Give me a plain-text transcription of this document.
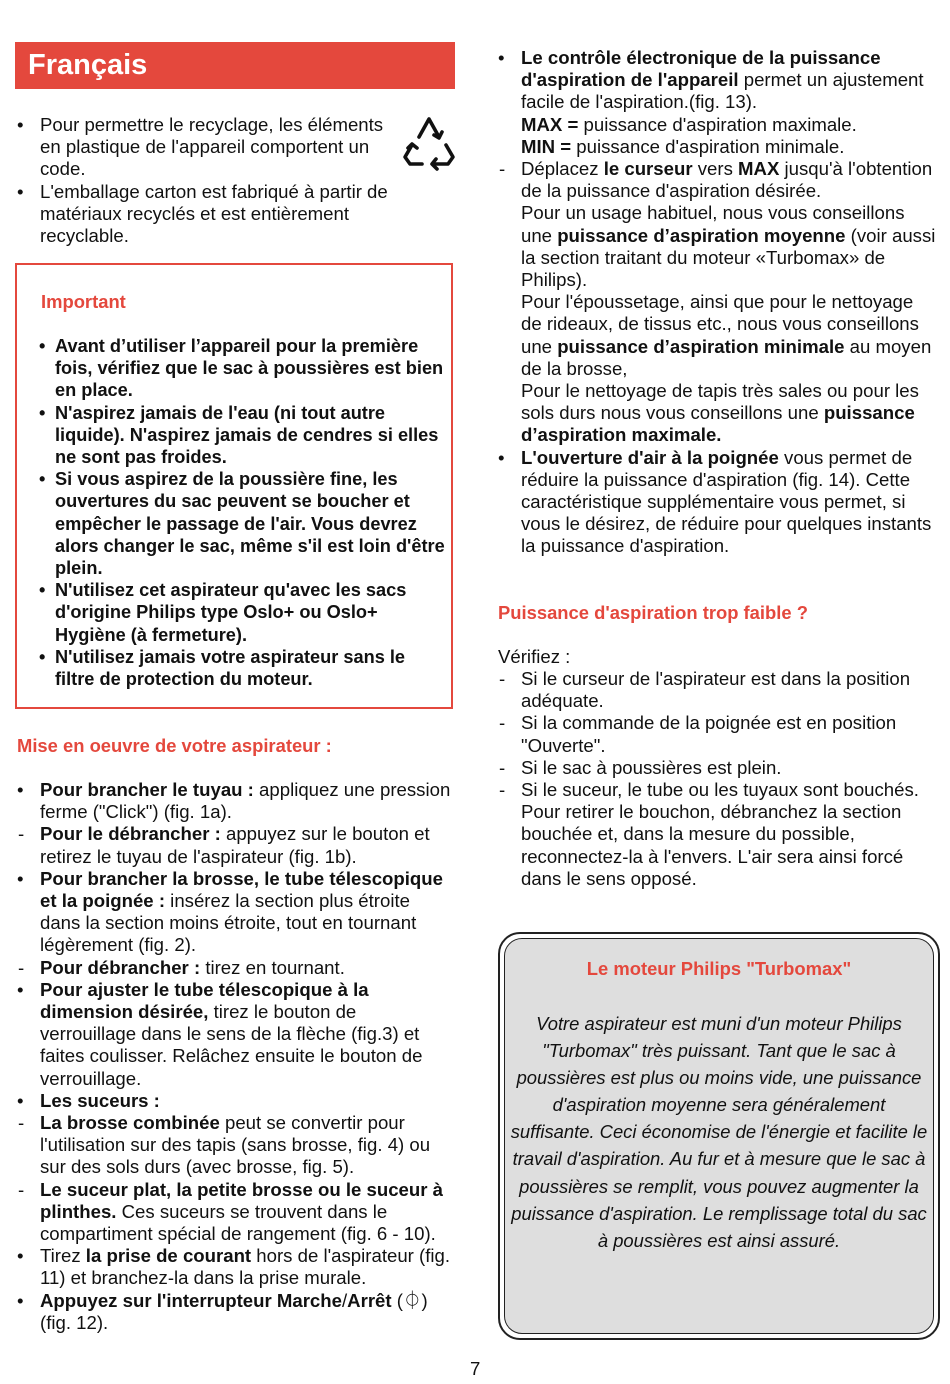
Français
• Pour permettre le recyclage, les éléments en plastique de l'appareil comportent un code.
• L'emballage carton est fabriqué à partir de matériaux recyclés et est entièrement recyclable.
Important
• Avant d’utiliser l’appareil pour la première fois, vérifiez que le sac à poussières est bien en place.
• N'aspirez jamais de l'eau (ni tout autre liquide). N'aspirez jamais de cendres si elles ne sont pas froides.
• Si vous aspirez de la poussière fine, les ouvertures du sac peuvent se boucher et empêcher le passage de l'air. Vous devrez alors changer le sac, même s'il est loin d'être plein.
• N'utilisez cet aspirateur qu'avec les sacs d'origine Philips type Oslo+ ou Oslo+ Hygiène (à fermeture).
• N'utilisez jamais votre aspirateur sans le filtre de protection du moteur.
Mise en oeuvre de votre aspirateur :
• Pour brancher le tuyau : appliquez une pression ferme ("Click") (fig. 1a).
- Pour le débrancher : appuyez sur le bouton et retirez le tuyau de l'aspirateur (fig. 1b).
• Pour brancher la brosse, le tube télescopique et la poignée : insérez la section plus étroite dans la section moins étroite, tout en tournant légèrement (fig. 2).
- Pour débrancher : tirez en tournant.
• Pour ajuster le tube télescopique à la dimension désirée, tirez le bouton de verrouillage dans le sens de la flèche (fig.3) et faites coulisser. Relâchez ensuite le bouton de verrouillage.
• Les suceurs :
- La brosse combinée peut se convertir pour l'utilisation sur des tapis (sans brosse, fig. 4) ou sur des sols durs (avec brosse, fig. 5).
- Le suceur plat, la petite brosse ou le suceur à plinthes. Ces suceurs se trouvent dans le compartiment spécial de rangement (fig. 6 - 10).
• Tirez la prise de courant hors de l'aspirateur (fig. 11) et branchez-la dans la prise murale.
• Appuyez sur l'interrupteur Marche/Arrêt (⏀) (fig. 12).
• Le contrôle électronique de la puissance d'aspiration de l'appareil permet un ajustement facile de l'aspiration.(fig. 13).
MAX = puissance d'aspiration maximale.
MIN = puissance d'aspiration minimale.
- Déplacez le curseur vers MAX jusqu'à l'obtention de la puissance d'aspiration désirée.
Pour un usage habituel, nous vous conseillons une puissance d’aspiration moyenne (voir aussi la section traitant du moteur «Turbomax» de Philips).
Pour l'époussetage, ainsi que pour le nettoyage de rideaux, de tissus etc., nous vous conseillons une puissance d’aspiration minimale au moyen de la brosse,
Pour le nettoyage de tapis très sales ou pour les sols durs nous vous conseillons une puissance d’aspiration maximale.
• L'ouverture d'air à la poignée vous permet de réduire la puissance d'aspiration (fig. 14). Cette caractéristique supplémentaire vous permet, si vous le désirez, de réduire pour quelques instants la puissance d'aspiration.
Puissance d'aspiration trop faible ?

Vérifiez :

- Si le curseur de l'aspirateur est dans la position adéquate.
- Si la commande de la poignée est en position "Ouverte".
- Si le sac à poussières est plein.
- Si le suceur, le tube ou les tuyaux sont bouchés. Pour retirer le bouchon, débranchez la section bouchée et, dans la mesure du possible, reconnectez-la à l'envers. L'air sera ainsi forcé dans le sens opposé.
Le moteur Philips "Turbomax"

Votre aspirateur est muni d'un moteur Philips "Turbomax" très puissant. Tant que le sac à poussières est plus ou moins vide, une puissance d'aspiration moyenne sera généralement suffisante. Ceci économise de l'énergie et facilite le travail d'aspiration. Au fur et à mesure que le sac à poussières se remplit, vous pouvez augmenter la puissance d'aspiration. Le remplissage total du sac à poussières est ainsi assuré.

7
